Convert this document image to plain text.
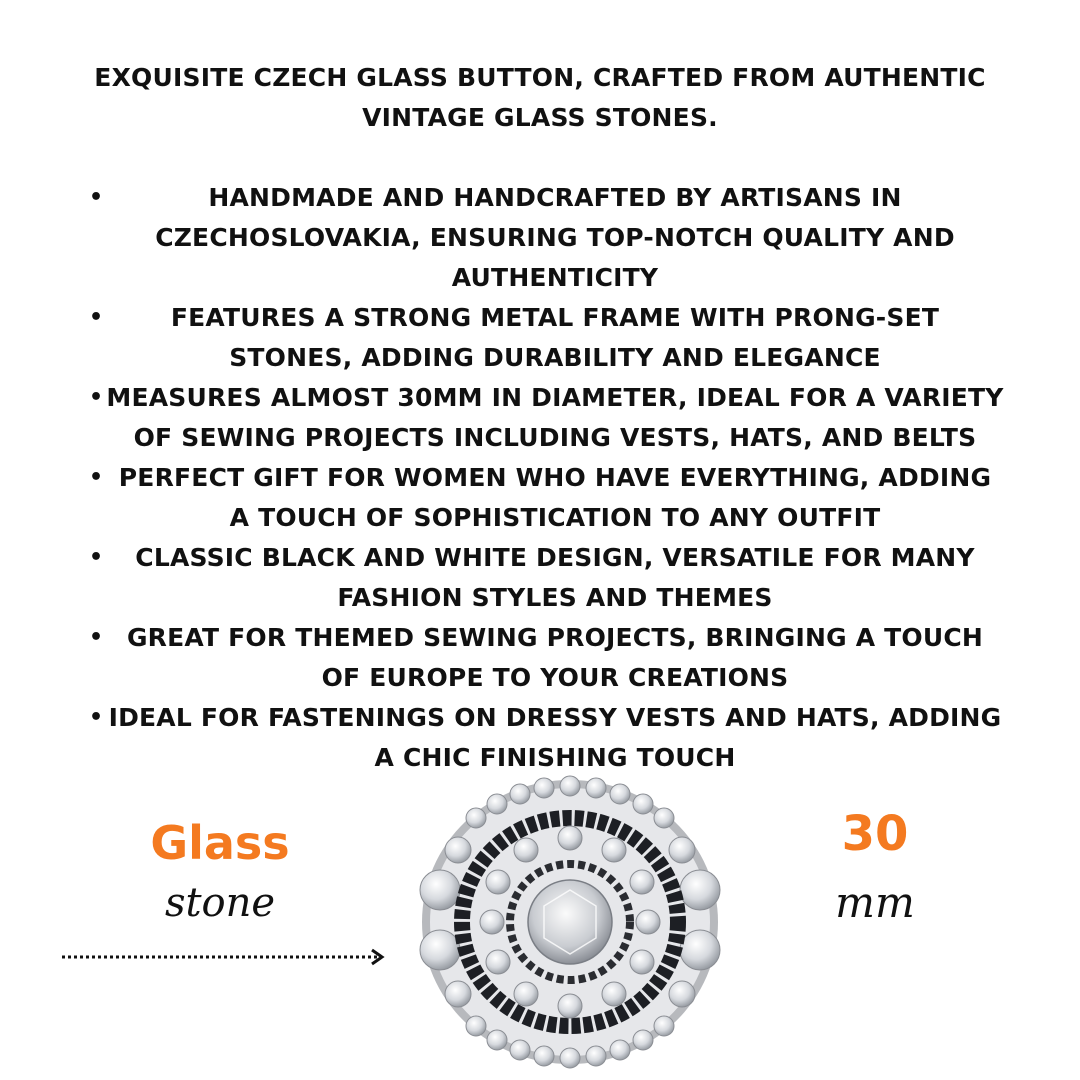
EXQUISITE CZECH GLASS BUTTON, CRAFTED FROM AUTHENTIC VINTAGE GLASS STONES.
•	HANDMADE AND HANDCRAFTED BY ARTISANS IN CZECHOSLOVAKIA, ENSURING TOP-NOTCH QUALITY AND AUTHENTICITY
•	FEATURES A STRONG METAL FRAME WITH PRONG-SET STONES, ADDING DURABILITY AND ELEGANCE
• MEASURES ALMOST 30MM IN DIAMETER, IDEAL FOR A VARIETY OF SEWING PROJECTS INCLUDING VESTS, HATS, AND BELTS
• PERFECT GIFT FOR WOMEN WHO HAVE EVERYTHING, ADDING A TOUCH OF SOPHISTICATION TO ANY OUTFIT
• CLASSIC BLACK AND WHITE DESIGN, VERSATILE FOR MANY FASHION STYLES AND THEMES
• GREAT FOR THEMED SEWING PROJECTS, BRINGING A TOUCH OF EUROPE TO YOUR CREATIONS
• IDEAL FOR FASTENINGS ON DRESSY VESTS AND HATS, ADDING A CHIC FINISHING TOUCH
Glass
stone
30
mm
